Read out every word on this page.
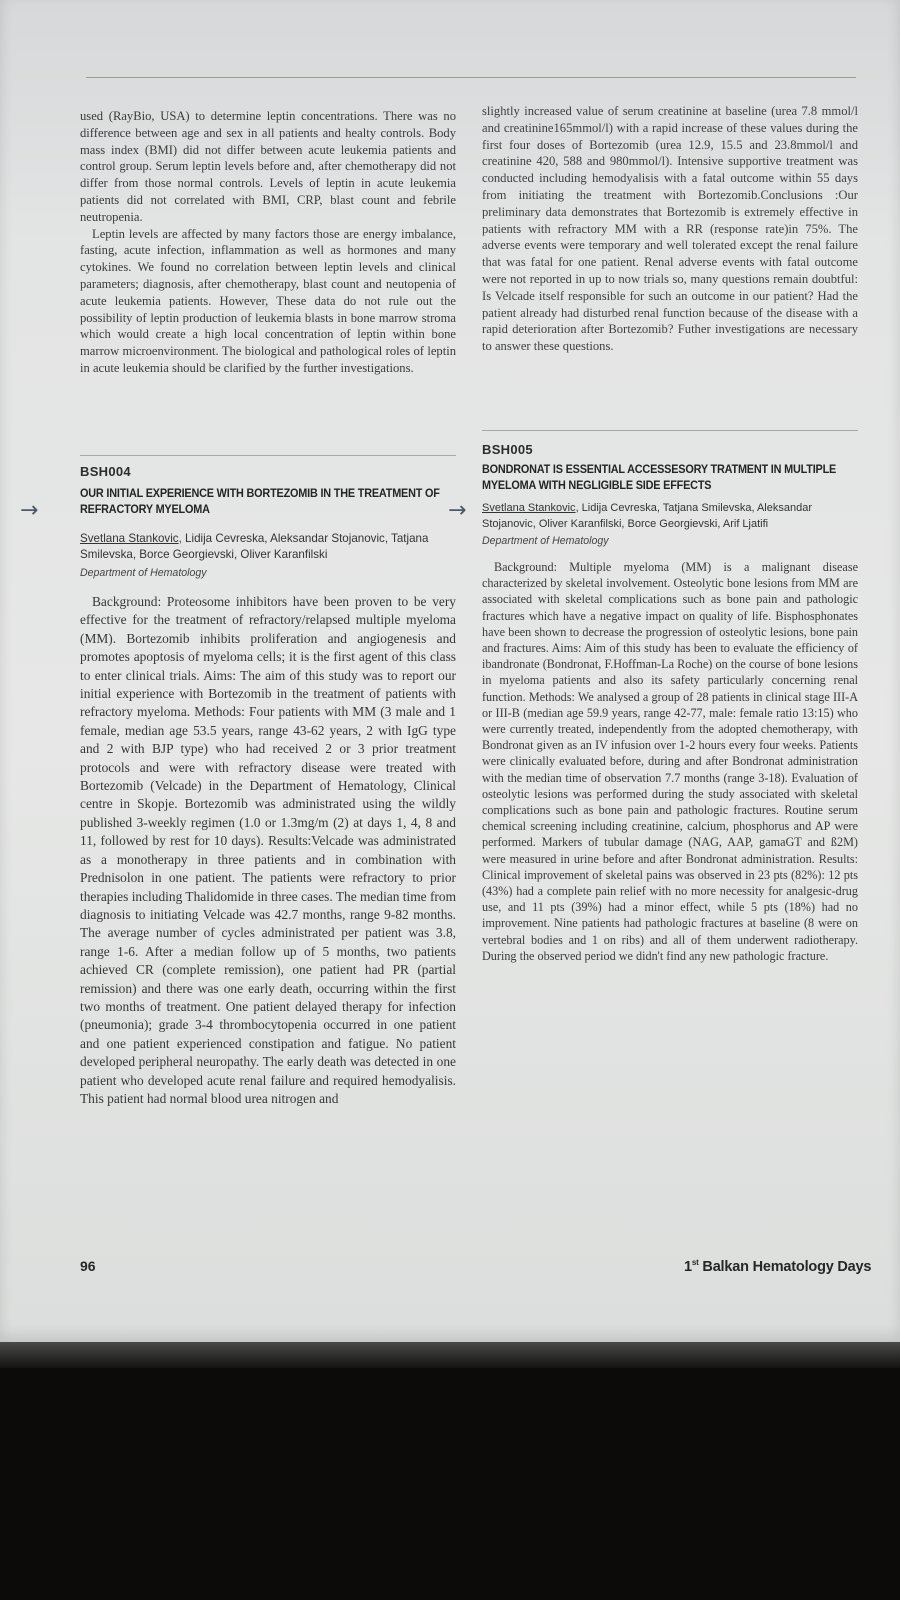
used (RayBio, USA) to determine leptin concentrations. There was no difference between age and sex in all patients and healty controls. Body mass index (BMI) did not differ between acute leukemia patients and control group. Serum leptin levels before and, after chemotherapy did not differ from those normal controls. Levels of leptin in acute leukemia patients did not correlated with BMI, CRP, blast count and febrile neutropenia.

Leptin levels are affected by many factors those are energy imbalance, fasting, acute infection, inflammation as well as hormones and many cytokines. We found no correlation between leptin levels and clinical parameters; diagnosis, after chemotherapy, blast count and neutopenia of acute leukemia patients. However, These data do not rule out the possibility of leptin production of leukemia blasts in bone marrow stroma which would create a high local concentration of leptin within bone marrow microenvironment. The biological and pathological roles of leptin in acute leukemia should be clarified by the further investigations.

BSH004

OUR INITIAL EXPERIENCE WITH BORTEZOMIB IN THE TREATMENT OF REFRACTORY MYELOMA

Svetlana Stankovic, Lidija Cevreska, Aleksandar Stojanovic, Tatjana Smilevska, Borce Georgievski, Oliver Karanfilski

Department of Hematology

Background: Proteosome inhibitors have been proven to be very effective for the treatment of refractory/relapsed multiple myeloma (MM). Bortezomib inhibits proliferation and angiogenesis and promotes apoptosis of myeloma cells; it is the first agent of this class to enter clinical trials. Aims: The aim of this study was to report our initial experience with Bortezomib in the treatment of patients with refractory myeloma. Methods: Four patients with MM (3 male and 1 female, median age 53.5 years, range 43-62 years, 2 with IgG type and 2 with BJP type) who had received 2 or 3 prior treatment protocols and were with refractory disease were treated with Bortezomib (Velcade) in the Department of Hematology, Clinical centre in Skopje. Bortezomib was administrated using the wildly published 3-weekly regimen (1.0 or 1.3mg/m (2) at days 1, 4, 8 and 11, followed by rest for 10 days). Results:Velcade was administrated as a monotherapy in three patients and in combination with Prednisolon in one patient. The patients were refractory to prior therapies including Thalidomide in three cases. The median time from diagnosis to initiating Velcade was 42.7 months, range 9-82 months. The average number of cycles administrated per patient was 3.8, range 1-6. After a median follow up of 5 months, two patients achieved CR (complete remission), one patient had PR (partial remission) and there was one early death, occurring within the first two months of treatment. One patient delayed therapy for infection (pneumonia); grade 3-4 thrombocytopenia occurred in one patient and one patient experienced constipation and fatigue. No patient developed peripheral neuropathy. The early death was detected in one patient who developed acute renal failure and required hemodyalisis. This patient had normal blood urea nitrogen and

slightly increased value of serum creatinine at baseline (urea 7.8 mmol/l and creatinine165mmol/l) with a rapid increase of these values during the first four doses of Bortezomib (urea 12.9, 15.5 and 23.8mmol/l and creatinine 420, 588 and 980mmol/l). Intensive supportive treatment was conducted including hemodyalisis with a fatal outcome within 55 days from initiating the treatment with Bortezomib.Conclusions :Our preliminary data demonstrates that Bortezomib is extremely effective in patients with refractory MM with a RR (response rate)in 75%. The adverse events were temporary and well tolerated except the renal failure that was fatal for one patient. Renal adverse events with fatal outcome were not reported in up to now trials so, many questions remain doubtful: Is Velcade itself responsible for such an outcome in our patient? Had the patient already had disturbed renal function because of the disease with a rapid deterioration after Bortezomib? Futher investigations are necessary to answer these questions.

BSH005

BONDRONAT IS ESSENTIAL ACCESSESORY TRATMENT IN MULTIPLE MYELOMA WITH NEGLIGIBLE SIDE EFFECTS

Svetlana Stankovic, Lidija Cevreska, Tatjana Smilevska, Aleksandar Stojanovic, Oliver Karanfilski, Borce Georgievski, Arif Ljatifi

Department of Hematology

Background: Multiple myeloma (MM) is a malignant disease characterized by skeletal involvement. Osteolytic bone lesions from MM are associated with skeletal complications such as bone pain and pathologic fractures which have a negative impact on quality of life. Bisphosphonates have been shown to decrease the progression of osteolytic lesions, bone pain and fractures. Aims: Aim of this study has been to evaluate the efficiency of ibandronate (Bondronat, F.Hoffman-La Roche) on the course of bone lesions in myeloma patients and also its safety particularly concerning renal function. Methods: We analysed a group of 28 patients in clinical stage III-A or III-B (median age 59.9 years, range 42-77, male: female ratio 13:15) who were currently treated, independently from the adopted chemotherapy, with Bondronat given as an IV infusion over 1-2 hours every four weeks. Patients were clinically evaluated before, during and after Bondronat administration with the median time of observation 7.7 months (range 3-18). Evaluation of osteolytic lesions was performed during the study associated with skeletal complications such as bone pain and pathologic fractures. Routine serum chemical screening including creatinine, calcium, phosphorus and AP were performed. Markers of tubular damage (NAG, AAP, gamaGT and ß2M) were measured in urine before and after Bondronat administration. Results: Clinical improvement of skeletal pains was observed in 23 pts (82%): 12 pts (43%) had a complete pain relief with no more necessity for analgesic-drug use, and 11 pts (39%) had a minor effect, while 5 pts (18%) had no improvement. Nine patients had pathologic fractures at baseline (8 were on vertebral bodies and 1 on ribs) and all of them underwent radiotherapy. During the observed period we didn't find any new pathologic fracture.

→	→
96	1st Balkan Hematology Days
